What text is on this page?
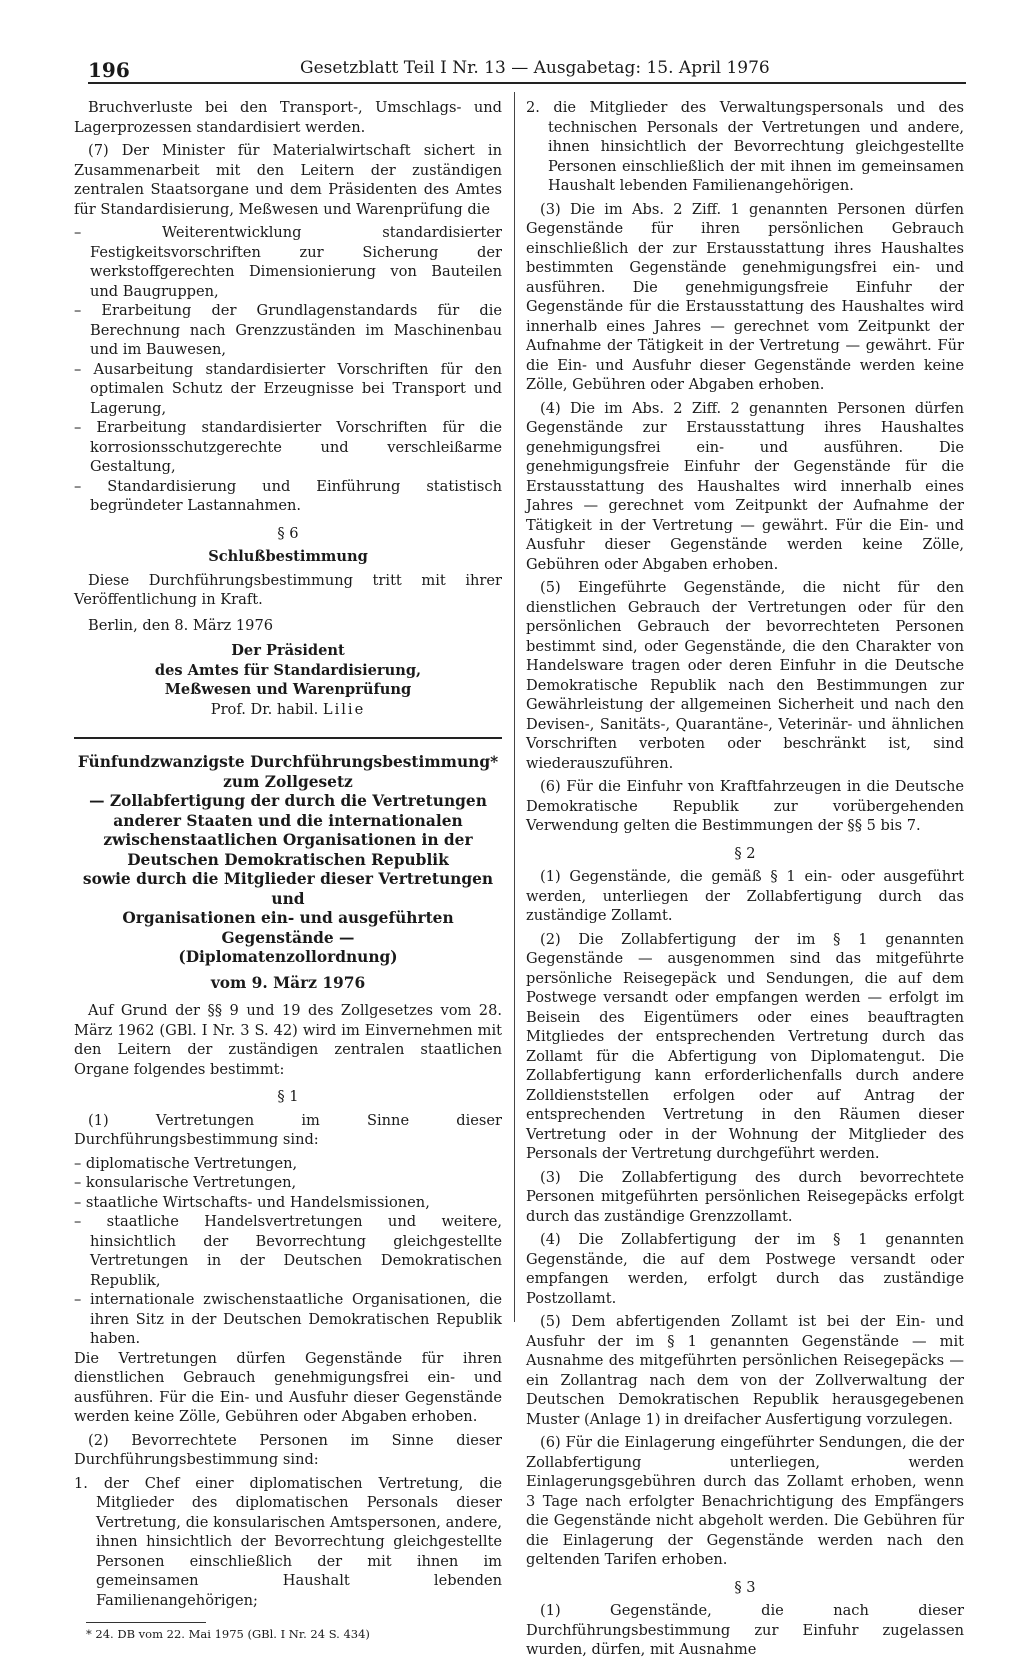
196	Gesetzblatt Teil I Nr. 13 — Ausgabetag: 15. April 1976

Bruchverluste bei den Transport-, Umschlags- und Lagerprozessen standardisiert werden.

(7) Der Minister für Materialwirtschaft sichert in Zusammenarbeit mit den Leitern der zuständigen zentralen Staatsorgane und dem Präsidenten des Amtes für Standardisierung, Meßwesen und Warenprüfung die

– Weiterentwicklung standardisierter Festigkeitsvorschriften zur Sicherung der werkstoffgerechten Dimensionierung von Bauteilen und Baugruppen,

– Erarbeitung der Grundlagenstandards für die Berechnung nach Grenzzuständen im Maschinenbau und im Bauwesen,

– Ausarbeitung standardisierter Vorschriften für den optimalen Schutz der Erzeugnisse bei Transport und Lagerung,

– Erarbeitung standardisierter Vorschriften für die korrosionsschutzgerechte und verschleißarme Gestaltung,

– Standardisierung und Einführung statistisch begründeter Lastannahmen.

§ 6

Schlußbestimmung

Diese Durchführungsbestimmung tritt mit ihrer Veröffentlichung in Kraft.

Berlin, den 8. März 1976

Der Präsident

des Amtes für Standardisierung,

Meßwesen und Warenprüfung

Prof. Dr. habil. Lilie

Fünfundzwanzigste Durchführungsbestimmung*

zum Zollgesetz

— Zollabfertigung der durch die Vertretungen

anderer Staaten und die internationalen

zwischenstaatlichen Organisationen in der

Deutschen Demokratischen Republik

sowie durch die Mitglieder dieser Vertretungen und

Organisationen ein- und ausgeführten Gegenstände —

(Diplomatenzollordnung)

vom 9. März 1976

Auf Grund der §§ 9 und 19 des Zollgesetzes vom 28. März 1962 (GBl. I Nr. 3 S. 42) wird im Einvernehmen mit den Leitern der zuständigen zentralen staatlichen Organe folgendes bestimmt:

§ 1

(1) Vertretungen im Sinne dieser Durchführungsbestimmung sind:

– diplomatische Vertretungen,

– konsularische Vertretungen,

– staatliche Wirtschafts- und Handelsmissionen,

– staatliche Handelsvertretungen und weitere, hinsichtlich der Bevorrechtung gleichgestellte Vertretungen in der Deutschen Demokratischen Republik,

– internationale zwischenstaatliche Organisationen, die ihren Sitz in der Deutschen Demokratischen Republik haben.

Die Vertretungen dürfen Gegenstände für ihren dienstlichen Gebrauch genehmigungsfrei ein- und ausführen. Für die Ein- und Ausfuhr dieser Gegenstände werden keine Zölle, Gebühren oder Abgaben erhoben.

(2) Bevorrechtete Personen im Sinne dieser Durchführungsbestimmung sind:

1. der Chef einer diplomatischen Vertretung, die Mitglieder des diplomatischen Personals dieser Vertretung, die konsularischen Amtspersonen, andere, ihnen hinsichtlich der Bevorrechtung gleichgestellte Personen einschließlich der mit ihnen im gemeinsamen Haushalt lebenden Familienangehörigen;

* 24. DB vom 22. Mai 1975 (GBl. I Nr. 24 S. 434)

2. die Mitglieder des Verwaltungspersonals und des technischen Personals der Vertretungen und andere, ihnen hinsichtlich der Bevorrechtung gleichgestellte Personen einschließlich der mit ihnen im gemeinsamen Haushalt lebenden Familienangehörigen.

(3) Die im Abs. 2 Ziff. 1 genannten Personen dürfen Gegenstände für ihren persönlichen Gebrauch einschließlich der zur Erstausstattung ihres Haushaltes bestimmten Gegenstände genehmigungsfrei ein- und ausführen. Die genehmigungsfreie Einfuhr der Gegenstände für die Erstausstattung des Haushaltes wird innerhalb eines Jahres — gerechnet vom Zeitpunkt der Aufnahme der Tätigkeit in der Vertretung — gewährt. Für die Ein- und Ausfuhr dieser Gegenstände werden keine Zölle, Gebühren oder Abgaben erhoben.

(4) Die im Abs. 2 Ziff. 2 genannten Personen dürfen Gegenstände zur Erstausstattung ihres Haushaltes genehmigungsfrei ein- und ausführen. Die genehmigungsfreie Einfuhr der Gegenstände für die Erstausstattung des Haushaltes wird innerhalb eines Jahres — gerechnet vom Zeitpunkt der Aufnahme der Tätigkeit in der Vertretung — gewährt. Für die Ein- und Ausfuhr dieser Gegenstände werden keine Zölle, Gebühren oder Abgaben erhoben.

(5) Eingeführte Gegenstände, die nicht für den dienstlichen Gebrauch der Vertretungen oder für den persönlichen Gebrauch der bevorrechteten Personen bestimmt sind, oder Gegenstände, die den Charakter von Handelsware tragen oder deren Einfuhr in die Deutsche Demokratische Republik nach den Bestimmungen zur Gewährleistung der allgemeinen Sicherheit und nach den Devisen-, Sanitäts-, Quarantäne-, Veterinär- und ähnlichen Vorschriften verboten oder beschränkt ist, sind wiederauszuführen.

(6) Für die Einfuhr von Kraftfahrzeugen in die Deutsche Demokratische Republik zur vorübergehenden Verwendung gelten die Bestimmungen der §§ 5 bis 7.

§ 2

(1) Gegenstände, die gemäß § 1 ein- oder ausgeführt werden, unterliegen der Zollabfertigung durch das zuständige Zollamt.

(2) Die Zollabfertigung der im § 1 genannten Gegenstände — ausgenommen sind das mitgeführte persönliche Reisegepäck und Sendungen, die auf dem Postwege versandt oder empfangen werden — erfolgt im Beisein des Eigentümers oder eines beauftragten Mitgliedes der entsprechenden Vertretung durch das Zollamt für die Abfertigung von Diplomatengut. Die Zollabfertigung kann erforderlichenfalls durch andere Zolldienststellen erfolgen oder auf Antrag der entsprechenden Vertretung in den Räumen dieser Vertretung oder in der Wohnung der Mitglieder des Personals der Vertretung durchgeführt werden.

(3) Die Zollabfertigung des durch bevorrechtete Personen mitgeführten persönlichen Reisegepäcks erfolgt durch das zuständige Grenzzollamt.

(4) Die Zollabfertigung der im § 1 genannten Gegenstände, die auf dem Postwege versandt oder empfangen werden, erfolgt durch das zuständige Postzollamt.

(5) Dem abfertigenden Zollamt ist bei der Ein- und Ausfuhr der im § 1 genannten Gegenstände — mit Ausnahme des mitgeführten persönlichen Reisegepäcks — ein Zollantrag nach dem von der Zollverwaltung der Deutschen Demokratischen Republik herausgegebenen Muster (Anlage 1) in dreifacher Ausfertigung vorzulegen.

(6) Für die Einlagerung eingeführter Sendungen, die der Zollabfertigung unterliegen, werden Einlagerungsgebühren durch das Zollamt erhoben, wenn 3 Tage nach erfolgter Benachrichtigung des Empfängers die Gegenstände nicht abgeholt werden. Die Gebühren für die Einlagerung der Gegenstände werden nach den geltenden Tarifen erhoben.

§ 3

(1) Gegenstände, die nach dieser Durchführungsbestimmung zur Einfuhr zugelassen wurden, dürfen, mit Ausnahme
